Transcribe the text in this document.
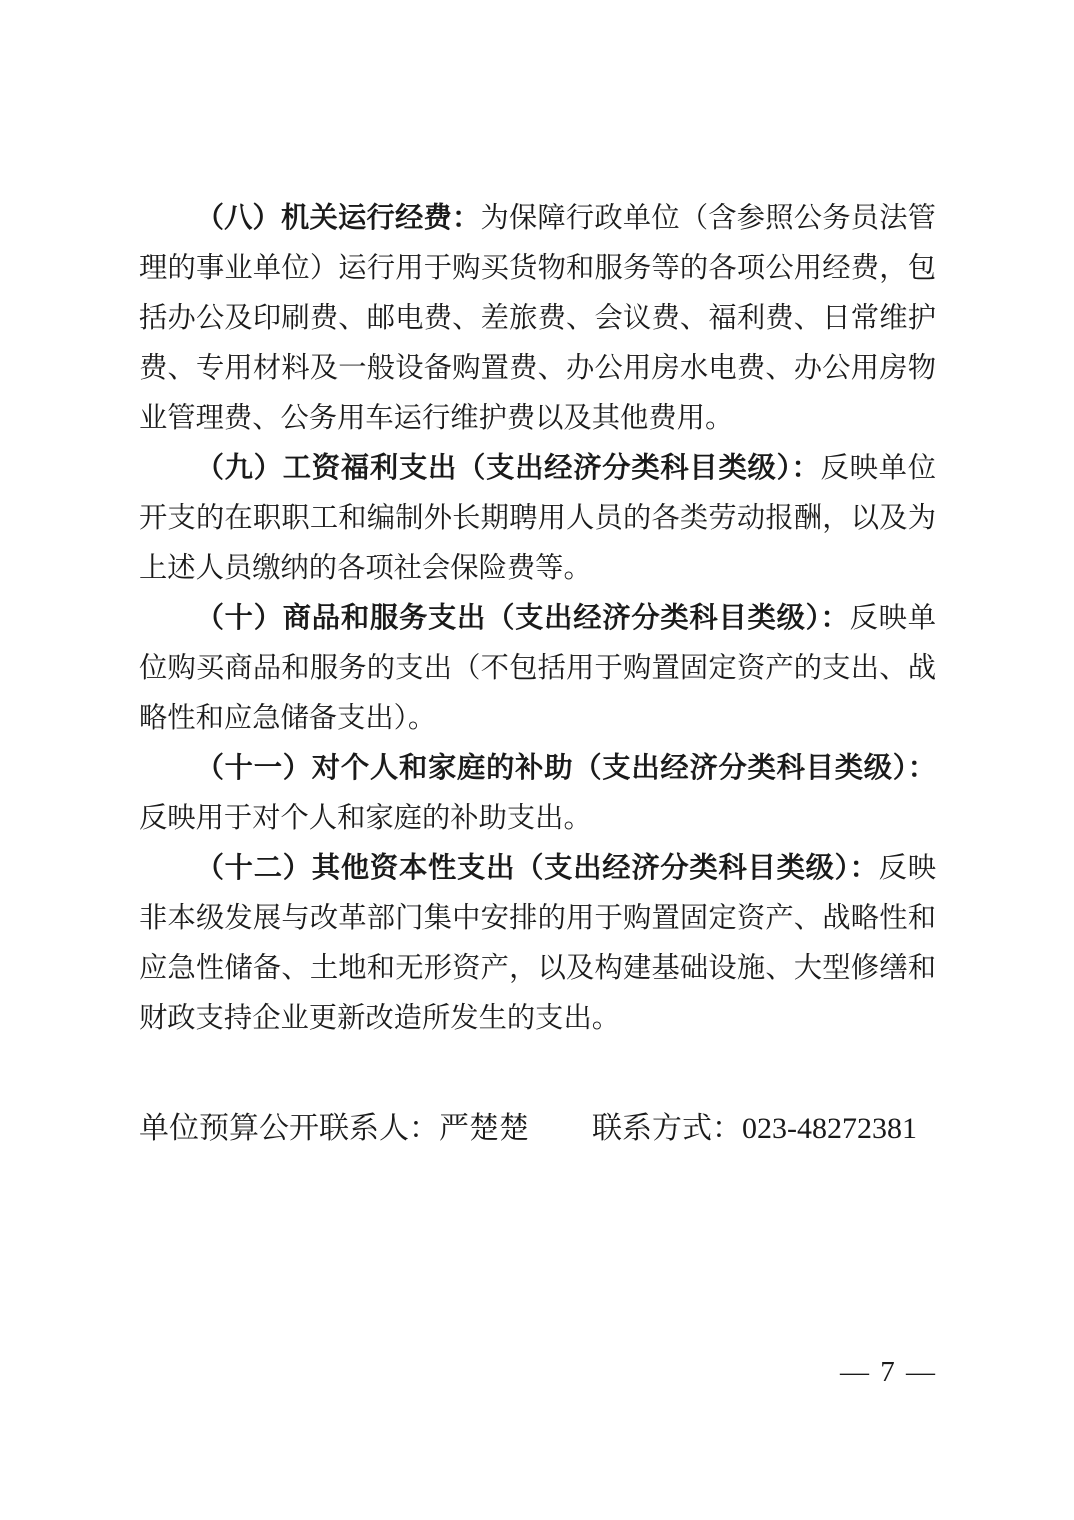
（八）机关运行经费：为保障行政单位（含参照公务员法管理的事业单位）运行用于购买货物和服务等的各项公用经费，包括办公及印刷费、邮电费、差旅费、会议费、福利费、日常维护费、专用材料及一般设备购置费、办公用房水电费、办公用房物业管理费、公务用车运行维护费以及其他费用。

（九）工资福利支出（支出经济分类科目类级）：反映单位开支的在职职工和编制外长期聘用人员的各类劳动报酬，以及为上述人员缴纳的各项社会保险费等。

（十）商品和服务支出（支出经济分类科目类级）：反映单位购买商品和服务的支出（不包括用于购置固定资产的支出、战略性和应急储备支出）。

（十一）对个人和家庭的补助（支出经济分类科目类级）：反映用于对个人和家庭的补助支出。

（十二）其他资本性支出（支出经济分类科目类级）：反映非本级发展与改革部门集中安排的用于购置固定资产、战略性和应急性储备、土地和无形资产，以及构建基础设施、大型修缮和财政支持企业更新改造所发生的支出。

单位预算公开联系人：严楚楚 联系方式：023-48272381
— 7 —
